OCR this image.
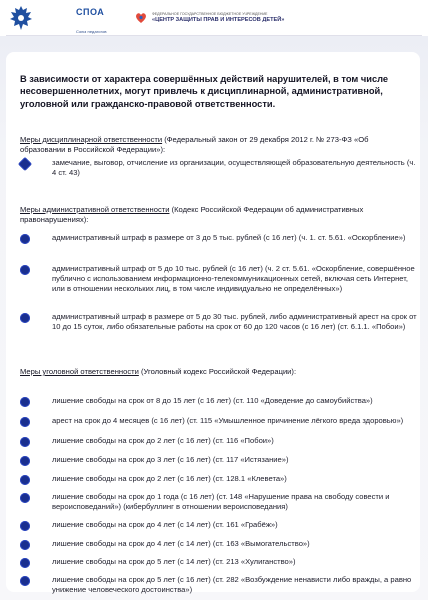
СПОА
Союз педагогов
ФЕДЕРАЛЬНОЕ ГОСУДАРСТВЕННОЕ БЮДЖЕТНОЕ УЧРЕЖДЕНИЕ
«ЦЕНТР ЗАЩИТЫ ПРАВ И ИНТЕРЕСОВ ДЕТЕЙ»
В зависимости от характера совершённых действий нарушителей, в том числе несовершеннолетних, могут привлечь к дисциплинарной, административной, уголовной или гражданско-правовой ответственности.
Меры дисциплинарной ответственности (Федеральный закон от 29 декабря 2012 г. № 273-ФЗ «Об образовании в Российской Федерации»):
замечание, выговор, отчисление из организации, осуществляющей образовательную деятельность (ч. 4 ст. 43)
Меры административной ответственности (Кодекс Российской Федерации об административных правонарушениях):
административный штраф в размере от 3 до 5 тыс. рублей (с 16 лет) (ч. 1. ст. 5.61. «Оскорбление»)
административный штраф от 5 до 10 тыс. рублей (с 16 лет) (ч. 2 ст. 5.61. «Оскорбление, совершённое публично с использованием информационно-телекоммуникационных сетей, включая сеть Интернет, или в отношении нескольких лиц, в том числе индивидуально не определённых»)
административный штраф в размере от 5 до 30 тыс. рублей, либо административный арест на срок от 10 до 15 суток, либо обязательные работы на срок от 60 до 120 часов (с 16 лет) (ст. 6.1.1. «Побои»)
Меры уголовной ответственности (Уголовный кодекс Российской Федерации):
лишение свободы на срок от 8 до 15 лет (с 16 лет) (ст. 110 «Доведение до самоубийства»)
арест на срок до 4 месяцев (с 16 лет) (ст. 115 «Умышленное причинение лёгкого вреда здоровью»)
лишение свободы на срок до 2 лет (с 16 лет) (ст. 116 «Побои»)
лишение свободы на срок до 3 лет (с 16 лет) (ст. 117 «Истязание»)
лишение свободы на срок до 2 лет (с 16 лет) (ст. 128.1 «Клевета»)
лишение свободы на срок до 1 года (с 16 лет) (ст. 148 «Нарушение права на свободу совести и вероисповеданий») (кибербуллинг в отношении вероисповедания)
лишение свободы на срок до 4 лет (с 14 лет) (ст. 161 «Грабёж»)
лишение свободы на срок до 4 лет (с 14 лет) (ст. 163 «Вымогательство»)
лишение свободы на срок до 5 лет (с 14 лет) (ст. 213 «Хулиганство»)
лишение свободы на срок до 5 лет (с 16 лет) (ст. 282 «Возбуждение ненависти либо вражды, а равно унижение человеческого достоинства»)
